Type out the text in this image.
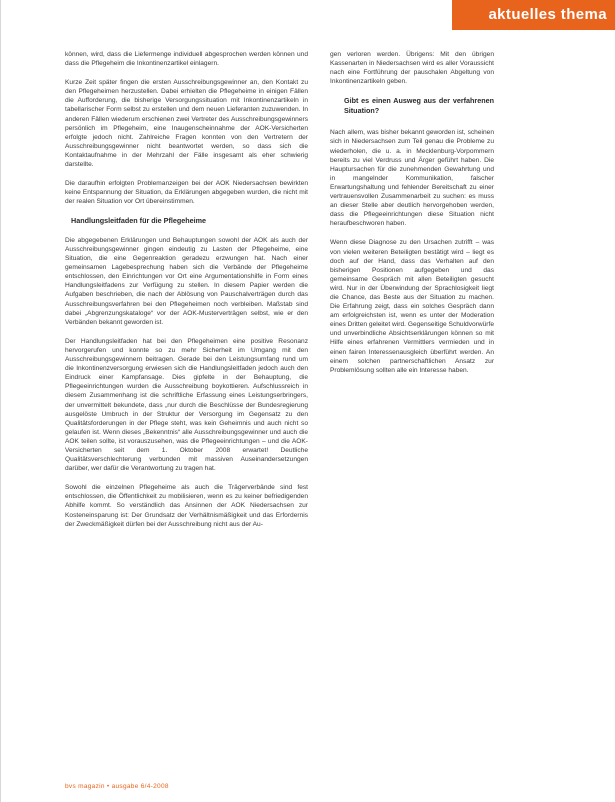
aktuelles thema

können, wird, dass die Liefermenge individuell abgesprochen werden können und dass die Pflegeheim die Inkontinenzartikel einlagern.

Kurze Zeit später fingen die ersten Ausschreibungsgewinner an, den Kontakt zu den Pflegeheimen herzustellen. Dabei erhielten die Pflegeheime in einigen Fällen die Aufforderung, die bisherige Versorgungssituation mit Inkontinenzartikeln in tabellarischer Form selbst zu erstellen und dem neuen Lieferanten zuzuwenden. In anderen Fällen wiederum erschienen zwei Vertreter des Ausschreibungsgewinners persönlich im Pflegeheim, eine Inaugenscheinnahme der AOK-Versicherten erfolgte jedoch nicht. Zahlreiche Fragen konnten von den Vertretern der Ausschreibungsgewinner nicht beantwortet werden, so dass sich die Kontaktaufnahme in der Mehrzahl der Fälle insgesamt als eher schwierig darstellte.

Die daraufhin erfolgten Problemanzeigen bei der AOK Niedersachsen bewirkten keine Entspannung der Situation, da Erklärungen abgegeben wurden, die nicht mit der realen Situation vor Ort übereinstimmen.

Handlungsleitfaden für die Pflegeheime

Die abgegebenen Erklärungen und Behauptungen sowohl der AOK als auch der Ausschreibungsgewinner gingen eindeutig zu Lasten der Pflegeheime, eine Situation, die eine Gegenreaktion geradezu erzwungen hat. Nach einer gemeinsamen Lagebesprechung haben sich die Verbände der Pflegeheime entschlossen, den Einrichtungen vor Ort eine Argumentationshilfe in Form eines Handlungsleitfadens zur Verfügung zu stellen. In diesem Papier werden die Aufgaben beschrieben, die nach der Ablösung von Pauschalverträgen durch das Ausschreibungsverfahren bei den Pflegeheimen noch verbleiben. Maßstab sind dabei „Abgrenzungskataloge“ vor der AOK-Musterverträgen selbst, wie er den Verbänden bekannt geworden ist.

Der Handlungsleitfaden hat bei den Pflegeheimen eine positive Resonanz hervorgerufen und konnte so zu mehr Sicherheit im Umgang mit den Ausschreibungsgewinnern beitragen. Gerade bei den Leistungsumfang rund um die Inkontinenzversorgung erwiesen sich die Handlungsleitfaden jedoch auch den Eindruck einer Kampfansage. Dies gipfelte in der Behauptung, die Pflegeeinrichtungen wurden die Ausschreibung boykottieren. Aufschlussreich in diesem Zusammenhang ist die schriftliche Erfassung eines Leistungserbringers, der unvermittelt bekundete, dass „nur durch die Beschlüsse der Bundesregierung ausgelöste Umbruch in der Struktur der Versorgung im Gegensatz zu den Qualitätsforderungen in der Pflege steht, was kein Geheimnis und auch nicht so gelaufen ist. Wenn dieses „Bekenntnis“ alle Ausschreibungsgewinner und auch die AOK teilen sollte, ist vorauszusehen, was die Pflegeeinrichtungen – und die AOK-Versicherten seit dem 1. Oktober 2008 erwartet! Deutliche Qualitätsverschlechterung verbunden mit massiven Auseinandersetzungen darüber, wer dafür die Verantwortung zu tragen hat.

Sowohl die einzelnen Pflegeheime als auch die Trägerverbände sind fest entschlossen, die Öffentlichkeit zu mobilisieren, wenn es zu keiner befriedigenden Abhilfe kommt. So verständlich das Ansinnen der AOK Niedersachsen zur Kosteneinsparung ist: Der Grundsatz der Verhältnismäßigkeit und das Erfordernis der Zweckmäßigkeit dürfen bei der Ausschreibung nicht aus der Au-

gen verloren werden. Übrigens: Mit den übrigen Kassenarten in Niedersachsen wird es aller Voraussicht nach eine Fortführung der pauschalen Abgeltung von Inkontinenzartikeln geben.

Gibt es einen Ausweg aus der verfahrenen Situation?

Nach allem, was bisher bekannt geworden ist, scheinen sich in Niedersachsen zum Teil genau die Probleme zu wiederholen, die u. a. in Mecklenburg-Vorpommern bereits zu viel Verdruss und Ärger geführt haben. Die Hauptursachen für die zunehmenden Gewahrtung und in mangelnder Kommunikation, falscher Erwartungshaltung und fehlender Bereitschaft zu einer vertrauensvollen Zusammenarbeit zu suchen: es muss an dieser Stelle aber deutlich hervorgehoben werden, dass die Pflegeeinrichtungen diese Situation nicht heraufbeschworen haben.

Wenn diese Diagnose zu den Ursachen zutrifft – was von vielen weiteren Beteiligten bestätigt wird – liegt es doch auf der Hand, dass das Verhalten auf den bisherigen Positionen aufgegeben und das gemeinsame Gespräch mit allen Beteiligten gesucht wird. Nur in der Überwindung der Sprachlosigkeit liegt die Chance, das Beste aus der Situation zu machen. Die Erfahrung zeigt, dass ein solches Gespräch dann am erfolgreichsten ist, wenn es unter der Moderation eines Dritten geleitet wird. Gegenseitige Schuldvorwürfe und unverbindliche Absichtserklärungen können so mit Hilfe eines erfahrenen Vermittlers vermieden und in einen fairen Interessenausgleich überführt werden. An einem solchen partnerschaftlichen Ansatz zur Problemlösung sollten alle ein Interesse haben.

bvs magazin • ausgabe 6/4-2008
